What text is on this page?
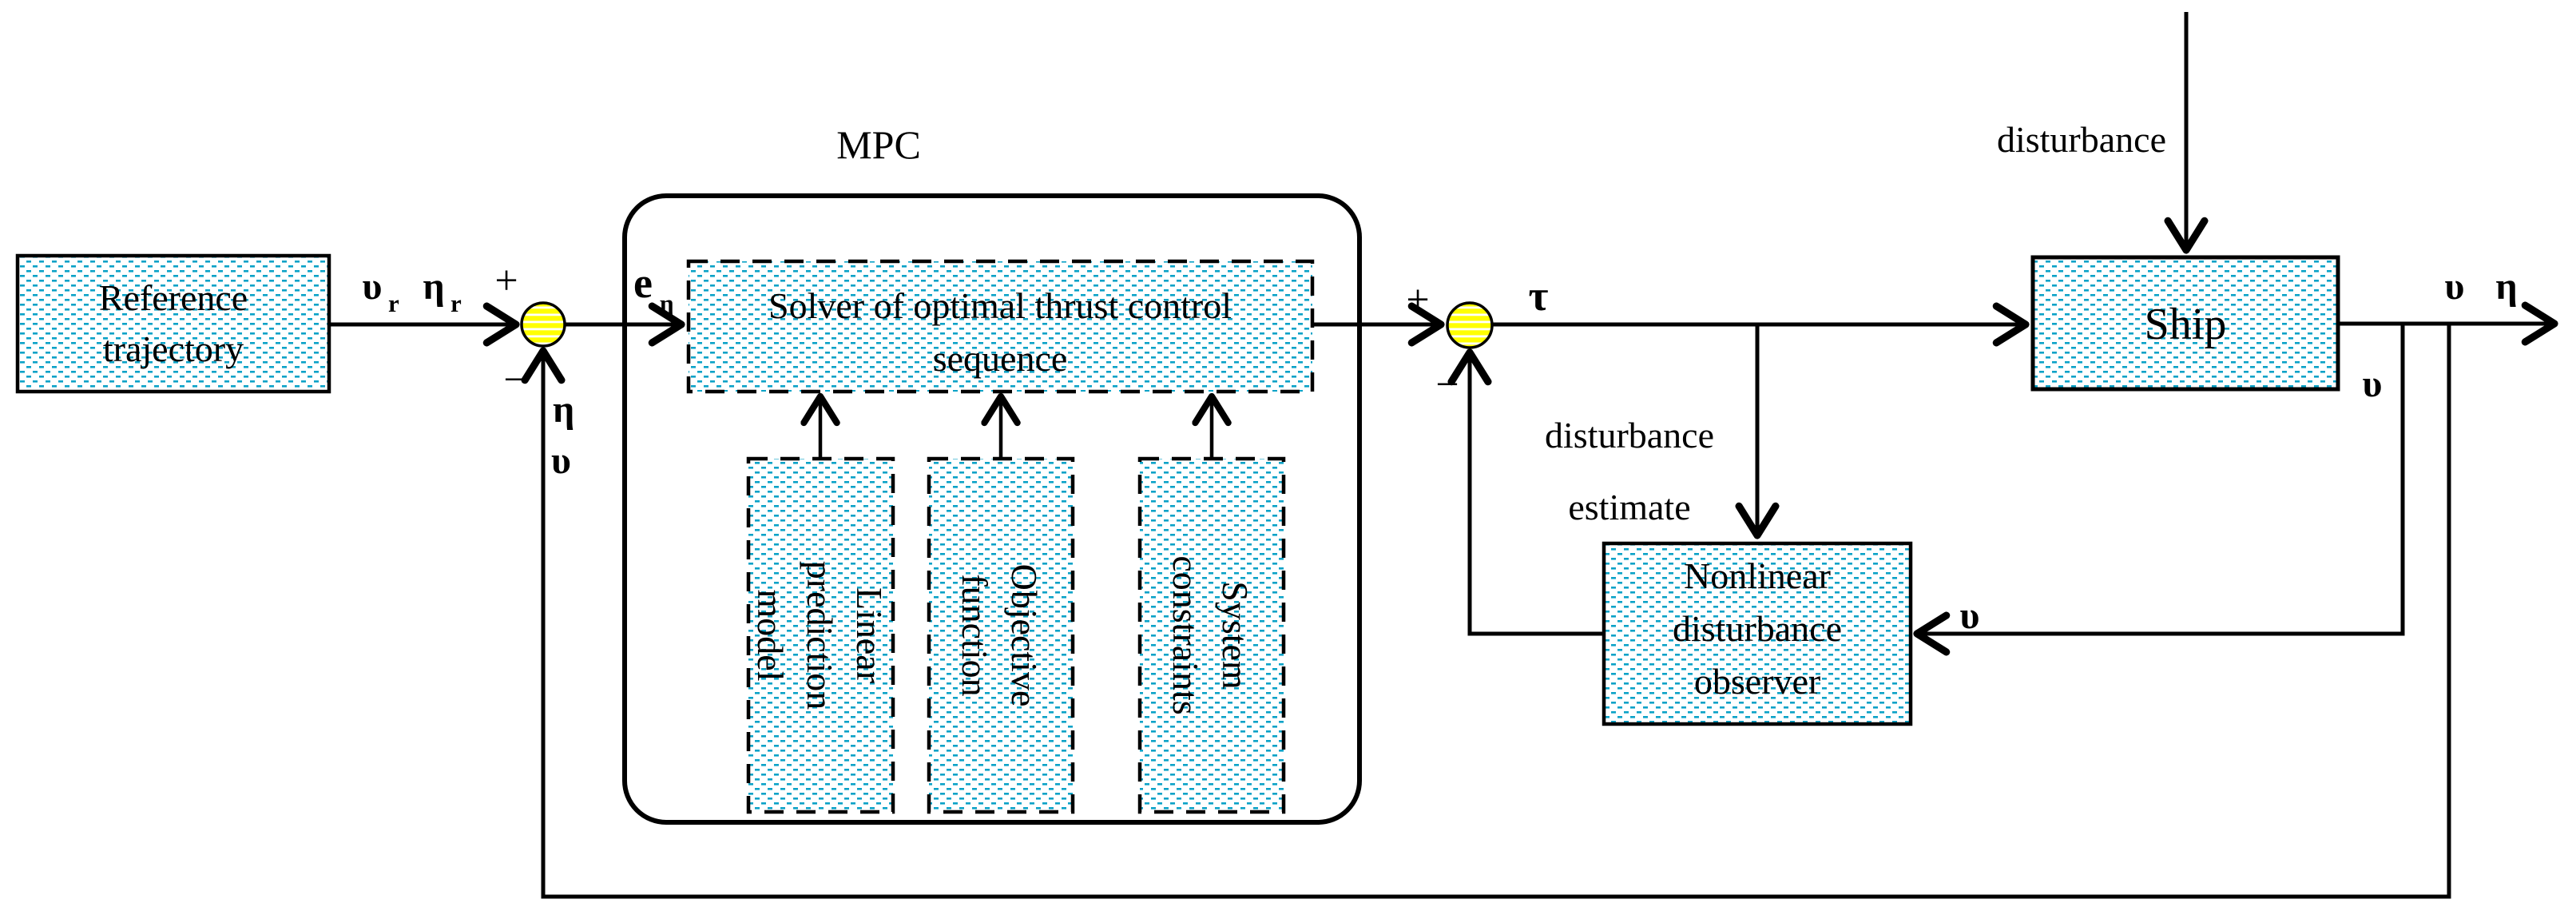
MPC
Reference
trajectory
Solver of optimal thrust control
sequence
Linear
prediction
model	Objective
function	System
constraints	Nonlinear
disturbance
observer
Ship
υ r η r +
−
η
υ
e η	+
−
τ
disturbance
estimate
disturbance
υ η
υ
υ
